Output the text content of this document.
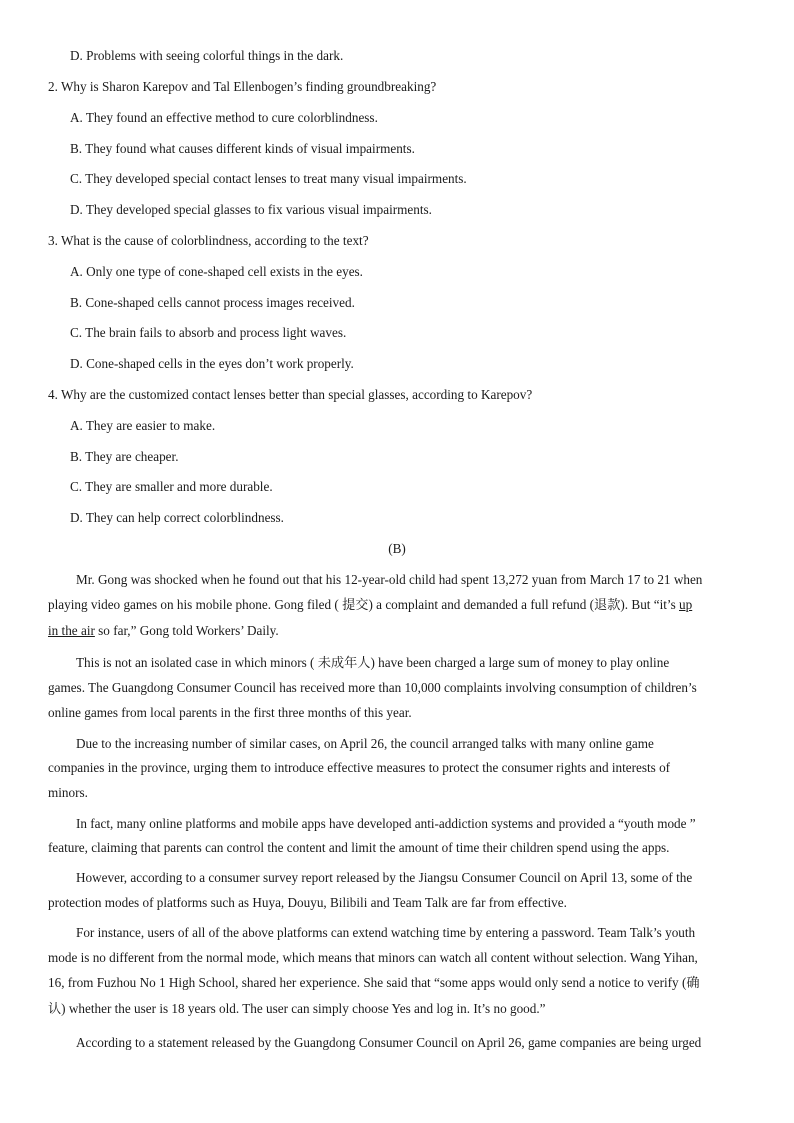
D. Problems with seeing colorful things in the dark.
2. Why is Sharon Karepov and Tal Ellenbogen’s finding groundbreaking?
A. They found an effective method to cure colorblindness.
B. They found what causes different kinds of visual impairments.
C. They developed special contact lenses to treat many visual impairments.
D. They developed special glasses to fix various visual impairments.
3. What is the cause of colorblindness, according to the text?
A. Only one type of cone-shaped cell exists in the eyes.
B. Cone-shaped cells cannot process images received.
C. The brain fails to absorb and process light waves.
D. Cone-shaped cells in the eyes don’t work properly.
4. Why are the customized contact lenses better than special glasses, according to Karepov?
A. They are easier to make.
B. They are cheaper.
C. They are smaller and more durable.
D. They can help correct colorblindness.
(B)
Mr. Gong was shocked when he found out that his 12-year-old child had spent 13,272 yuan from March 17 to 21 when
playing video games on his mobile phone. Gong filed ( 提交) a complaint and demanded a full refund (退款). But “it’s up
in the air so far,” Gong told Workers’ Daily.
This is not an isolated case in which minors ( 未成年人) have been charged a large sum of money to play online
games. The Guangdong Consumer Council has received more than 10,000 complaints involving consumption of children’s
online games from local parents in the first three months of this year.
Due to the increasing number of similar cases, on April 26, the council arranged talks with many online game
companies in the province, urging them to introduce effective measures to protect the consumer rights and interests of
minors.
In fact, many online platforms and mobile apps have developed anti-addiction systems and provided a “youth mode ”
feature, claiming that parents can control the content and limit the amount of time their children spend using the apps.
However, according to a consumer survey report released by the Jiangsu Consumer Council on April 13, some of the
protection modes of platforms such as Huya, Douyu, Bilibili and Team Talk are far from effective.
For instance, users of all of the above platforms can extend watching time by entering a password. Team Talk’s youth
mode is no different from the normal mode, which means that minors can watch all content without selection. Wang Yihan,
16, from Fuzhou No 1 High School, shared her experience. She said that “some apps would only send a notice to verify (确
认) whether the user is 18 years old. The user can simply choose Yes and log in. It’s no good.”
According to a statement released by the Guangdong Consumer Council on April 26, game companies are being urged
